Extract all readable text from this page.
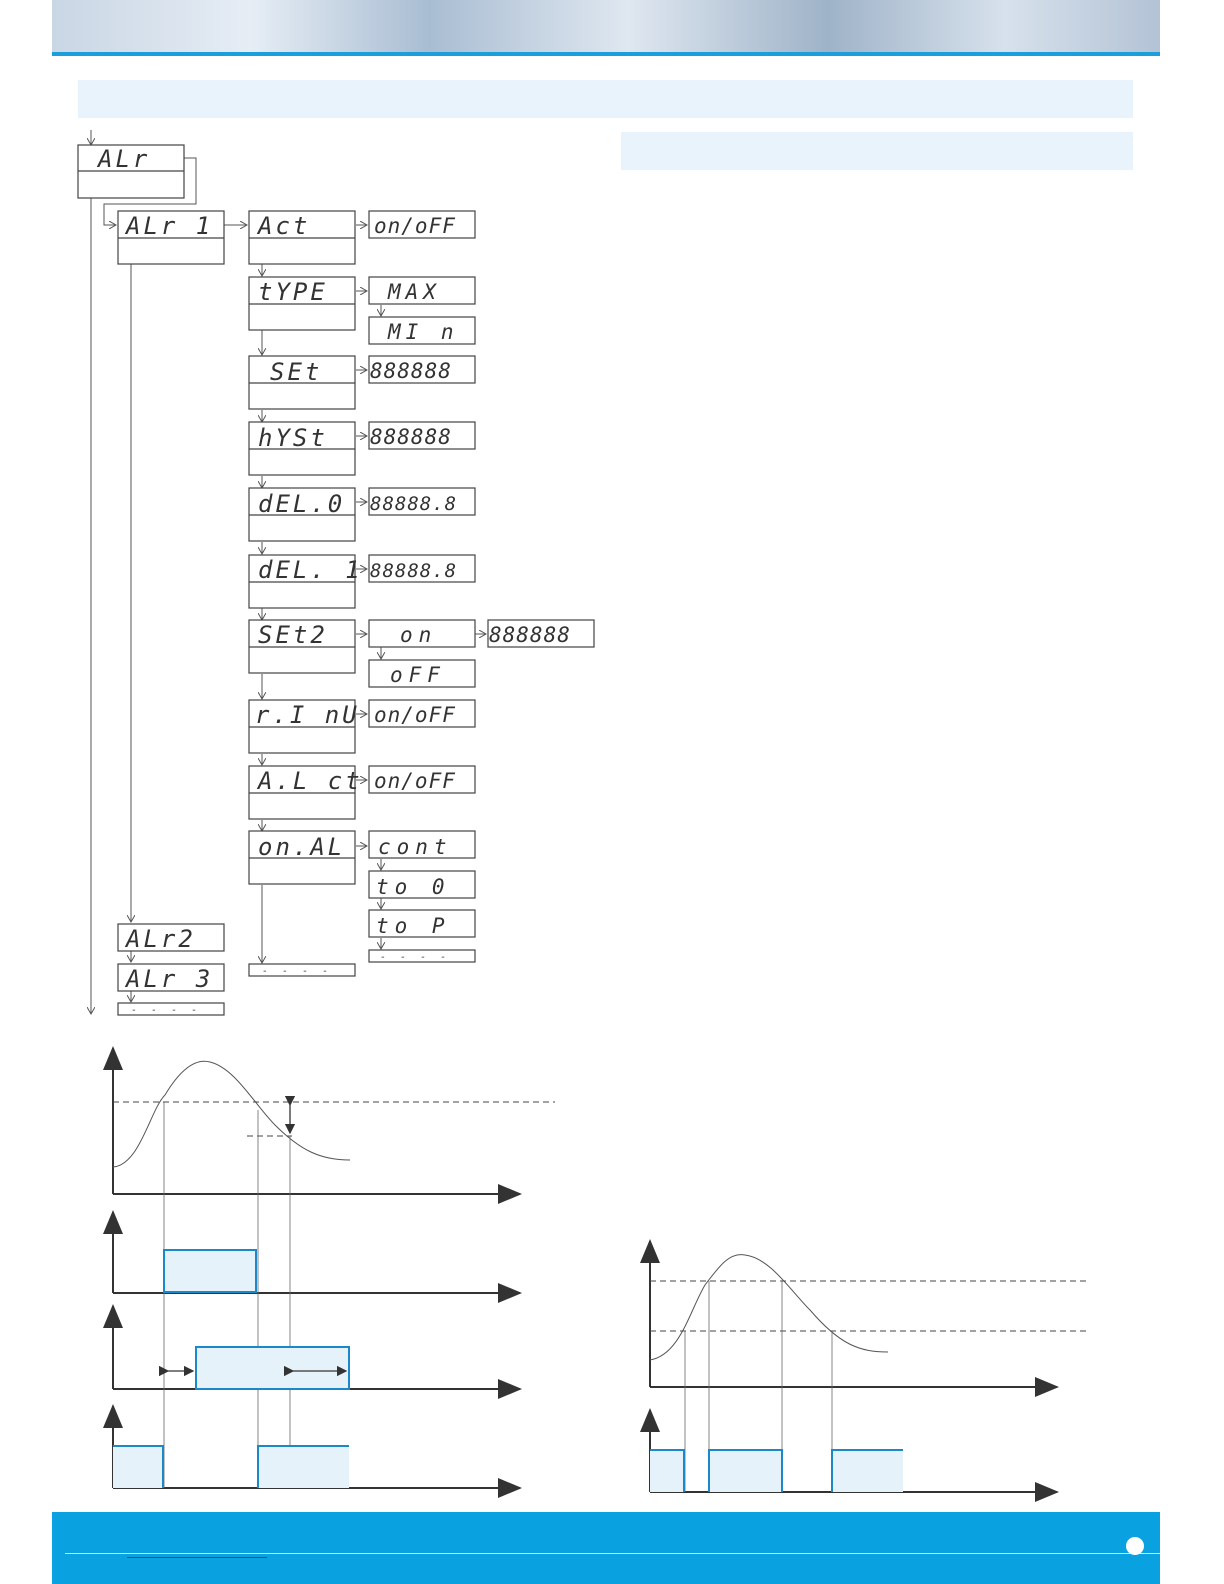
ALr
ALr 1 Act
tYPE
SEt
hYSt
dEL.0
dEL. 1
SEt2
r.I nU
A.L ct
on.AL
ALr2
ALr 3	- - - -
- - - -
- - - -
on/oFF
MAX
MI n
888888
888888
88888.8
88888.8
on 888888
oFF
on/oFF
on/oFF
cont
to 0
to P
